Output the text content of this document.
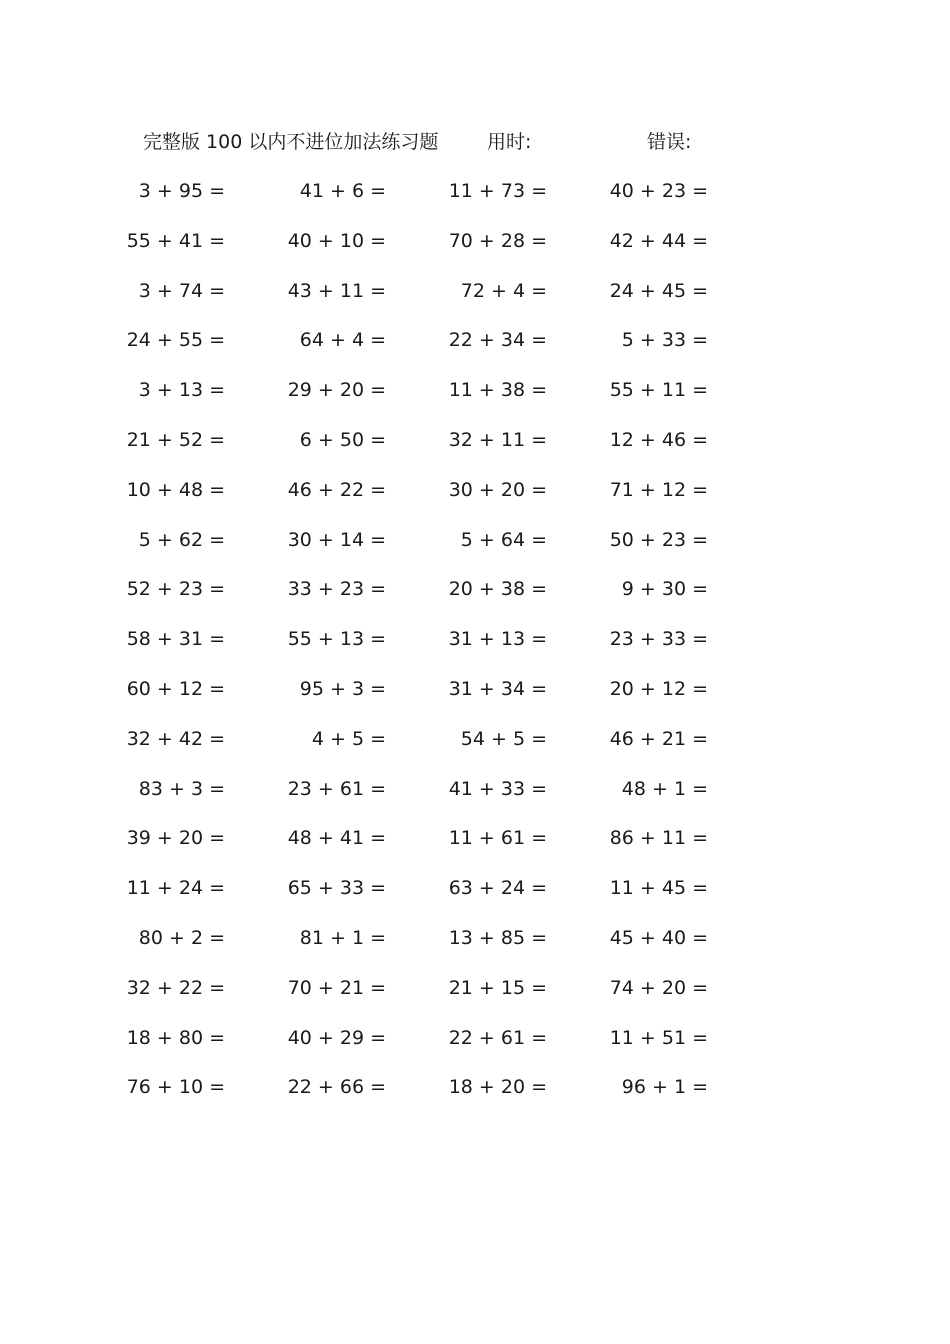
完整版 100 以内不进位加法练习题	用时:	错误:
3 + 95 =	41 + 6 =	11 + 73 =	40 + 23 =
55 + 41 =	40 + 10 =	70 + 28 =	42 + 44 =
3 + 74 =	43 + 11 =	72 + 4 =	24 + 45 =
24 + 55 =	64 + 4 =	22 + 34 =	5 + 33 =
3 + 13 =	29 + 20 =	11 + 38 =	55 + 11 =
21 + 52 =	6 + 50 =	32 + 11 =	12 + 46 =
10 + 48 =	46 + 22 =	30 + 20 =	71 + 12 =
5 + 62 =	30 + 14 =	5 + 64 =	50 + 23 =
52 + 23 =	33 + 23 =	20 + 38 =	9 + 30 =
58 + 31 =	55 + 13 =	31 + 13 =	23 + 33 =
60 + 12 =	95 + 3 =	31 + 34 =	20 + 12 =
32 + 42 =	4 + 5 =	54 + 5 =	46 + 21 =
83 + 3 =	23 + 61 =	41 + 33 =	48 + 1 =
39 + 20 =	48 + 41 =	11 + 61 =	86 + 11 =
11 + 24 =	65 + 33 =	63 + 24 =	11 + 45 =
80 + 2 =	81 + 1 =	13 + 85 =	45 + 40 =
32 + 22 =	70 + 21 =	21 + 15 =	74 + 20 =
18 + 80 =	40 + 29 =	22 + 61 =	11 + 51 =
76 + 10 =	22 + 66 =	18 + 20 =	96 + 1 =
